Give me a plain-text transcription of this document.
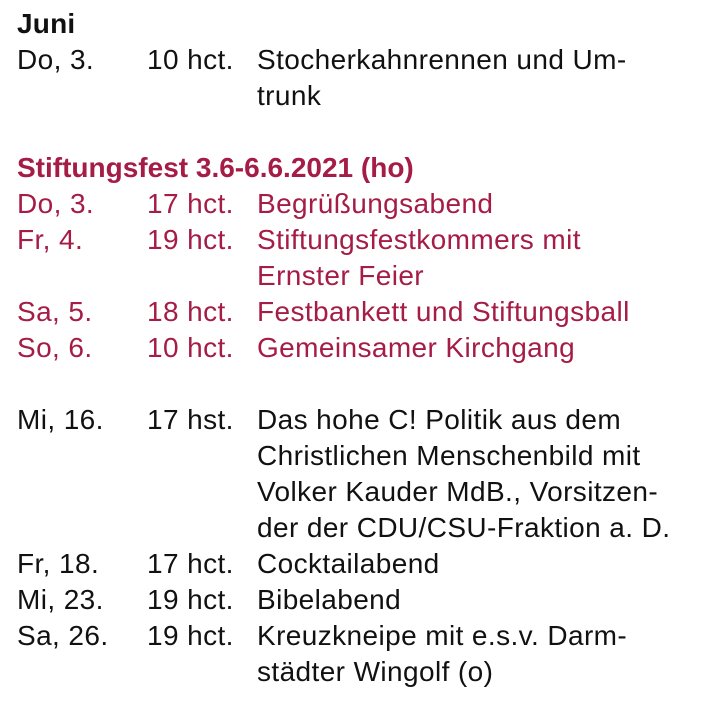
Juni
Do, 3.	10 hct. Stocherkahnrennen und Um-
trunk
Stiftungsfest 3.6-6.6.2021 (ho)
Do, 3.	17 hct. Begrüßungsabend
Fr, 4.	19 hct. Stiftungsfestkommers mit
Ernster Feier
Sa, 5.	18 hct. Festbankett und Stiftungsball
So, 6.	10 hct. Gemeinsamer Kirchgang
Mi, 16.	17 hst. Das hohe C! Politik aus dem
Christlichen Menschenbild mit
Volker Kauder MdB., Vorsitzen-
der der CDU/CSU-Fraktion a. D.
Fr, 18.	17 hct. Cocktailabend
Mi, 23.	19 hct. Bibelabend
Sa, 26.	19 hct. Kreuzkneipe mit e.s.v. Darm-
städter Wingolf (o)
